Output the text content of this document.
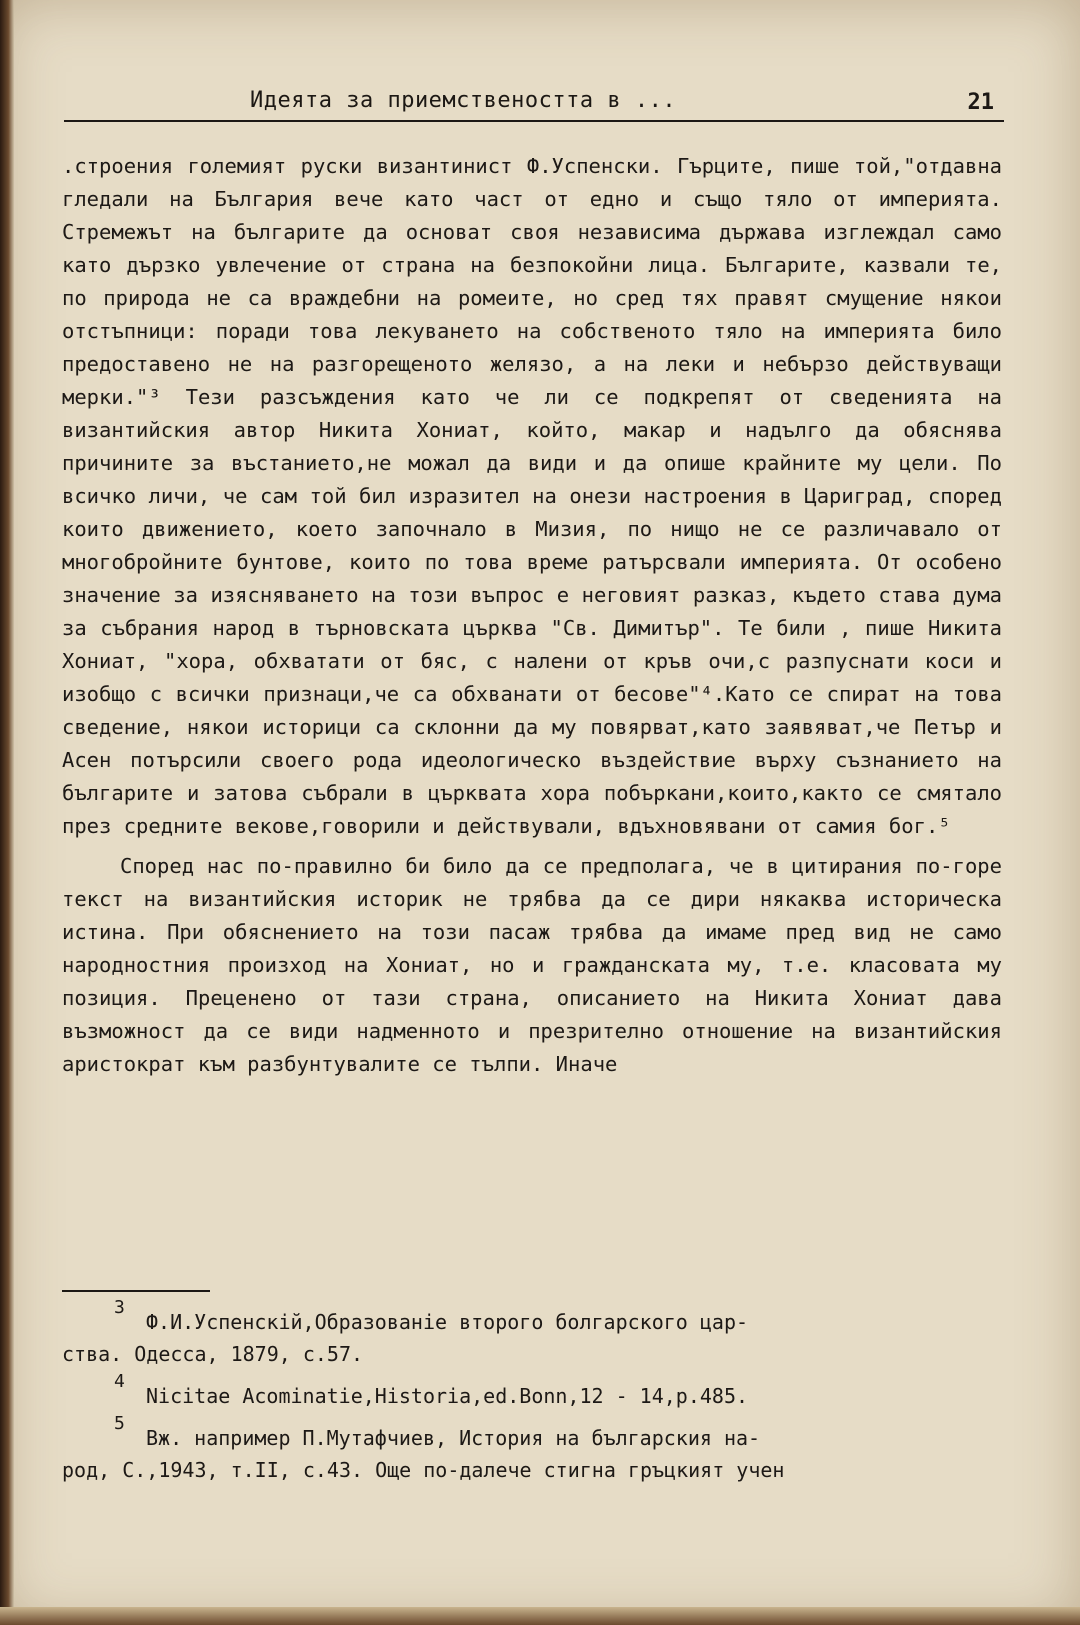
Идеята за приемствеността в ...	21

.строения големият руски византинист Ф.Успенски. Гърците, пише той,"отдавна гледали на България вече като част от едно и също тяло от империята. Стремежът на българите да основат своя независима държава изглеждал само като дързко увлечение от страна на безпокойни лица. Българите, казвали те, по природа не са враждебни на ромеите, но сред тях правят смущение някои отстъпници: поради това лекуването на собственото тяло на империята било предоставено не на разгорещеното желязо, а на леки и небързо действуващи мерки."³ Тези разсъждения като че ли се подкрепят от сведенията на византийския автор Никита Хониат, който, макар и надълго да обяснява причините за въстанието,не можал да види и да опише крайните му цели. По всичко личи, че сам той бил изразител на онези настроения в Цариград, според които движението, което започнало в Мизия, по нищо не се различавало от многобройните бунтове, които по това време ратърсвали империята. От особено значение за изясняването на този въпрос е неговият разказ, където става дума за събрания народ в търновската църква "Св. Димитър". Те били , пише Никита Хониат, "хора, обхватати от бяс, с налени от кръв очи,с разпуснати коси и изобщо с всички признаци,че са обхванати от бесове"⁴.Като се спират на това сведение, някои историци са склонни да му повярват,като заявяват,че Петър и Асен потърсили своего рода идеологическо въздействие върху съзнанието на българите и затова събрали в църквата хора побъркани,които,както се смятало през средните векове,говорили и действували, вдъхновявани от самия бог.⁵

Според нас по-правилно би било да се предполага, че в цитирания по-горе текст на византийския историк не трябва да се дири някаква историческа истина. При обяснението на този пасаж трябва да имаме пред вид не само народностния произход на Хониат, но и гражданската му, т.е. класовата му позиция. Преценено от тази страна, описанието на Никита Хониат дава възможност да се види надменното и презрително отношение на византийския аристократ към разбунтувалите се тълпи. Иначе

3
Ф.И.Успенскiй,Образованiе второго болгарского цар-
ства. Одесса, 1879, с.57.
4
Nicitae Acominatie,Historia,ed.Bonn,12 - 14,p.485.
5
Вж. например П.Мутафчиев, История на българския на-
род, С.,1943, т.II, с.43. Още по-далече стигна гръцкият учен
